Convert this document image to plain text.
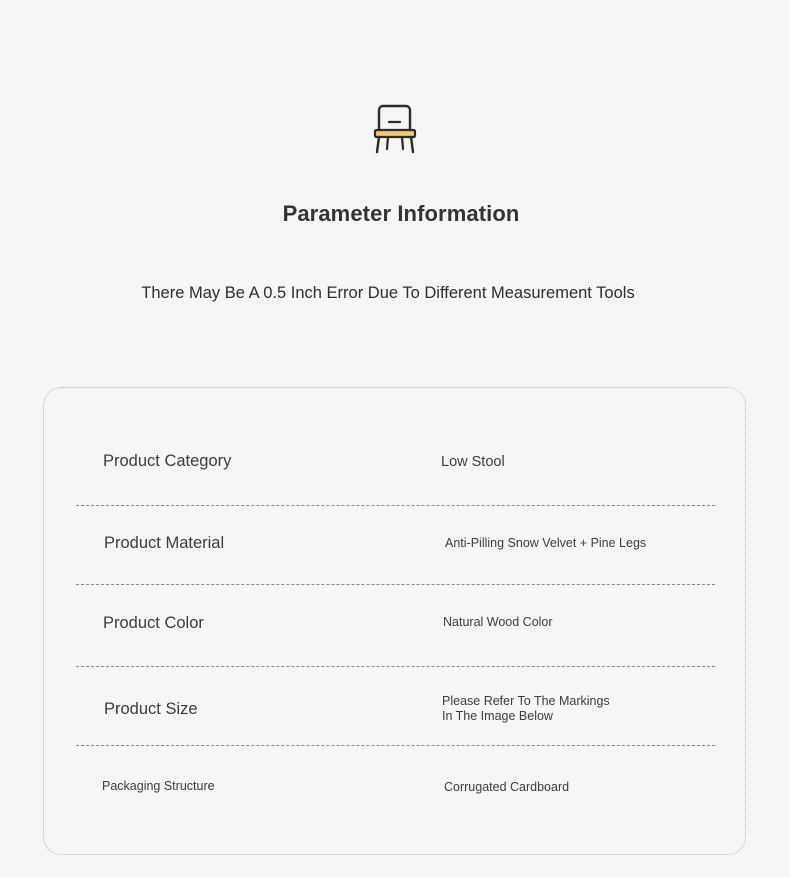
Parameter Information
There May Be A 0.5 Inch Error Due To Different Measurement Tools
Product Category	Low Stool
Product Material	Anti-Pilling Snow Velvet + Pine Legs
Product Color	Natural Wood Color
Product Size	Please Refer To The Markings
In The Image Below
Packaging Structure	Corrugated Cardboard
